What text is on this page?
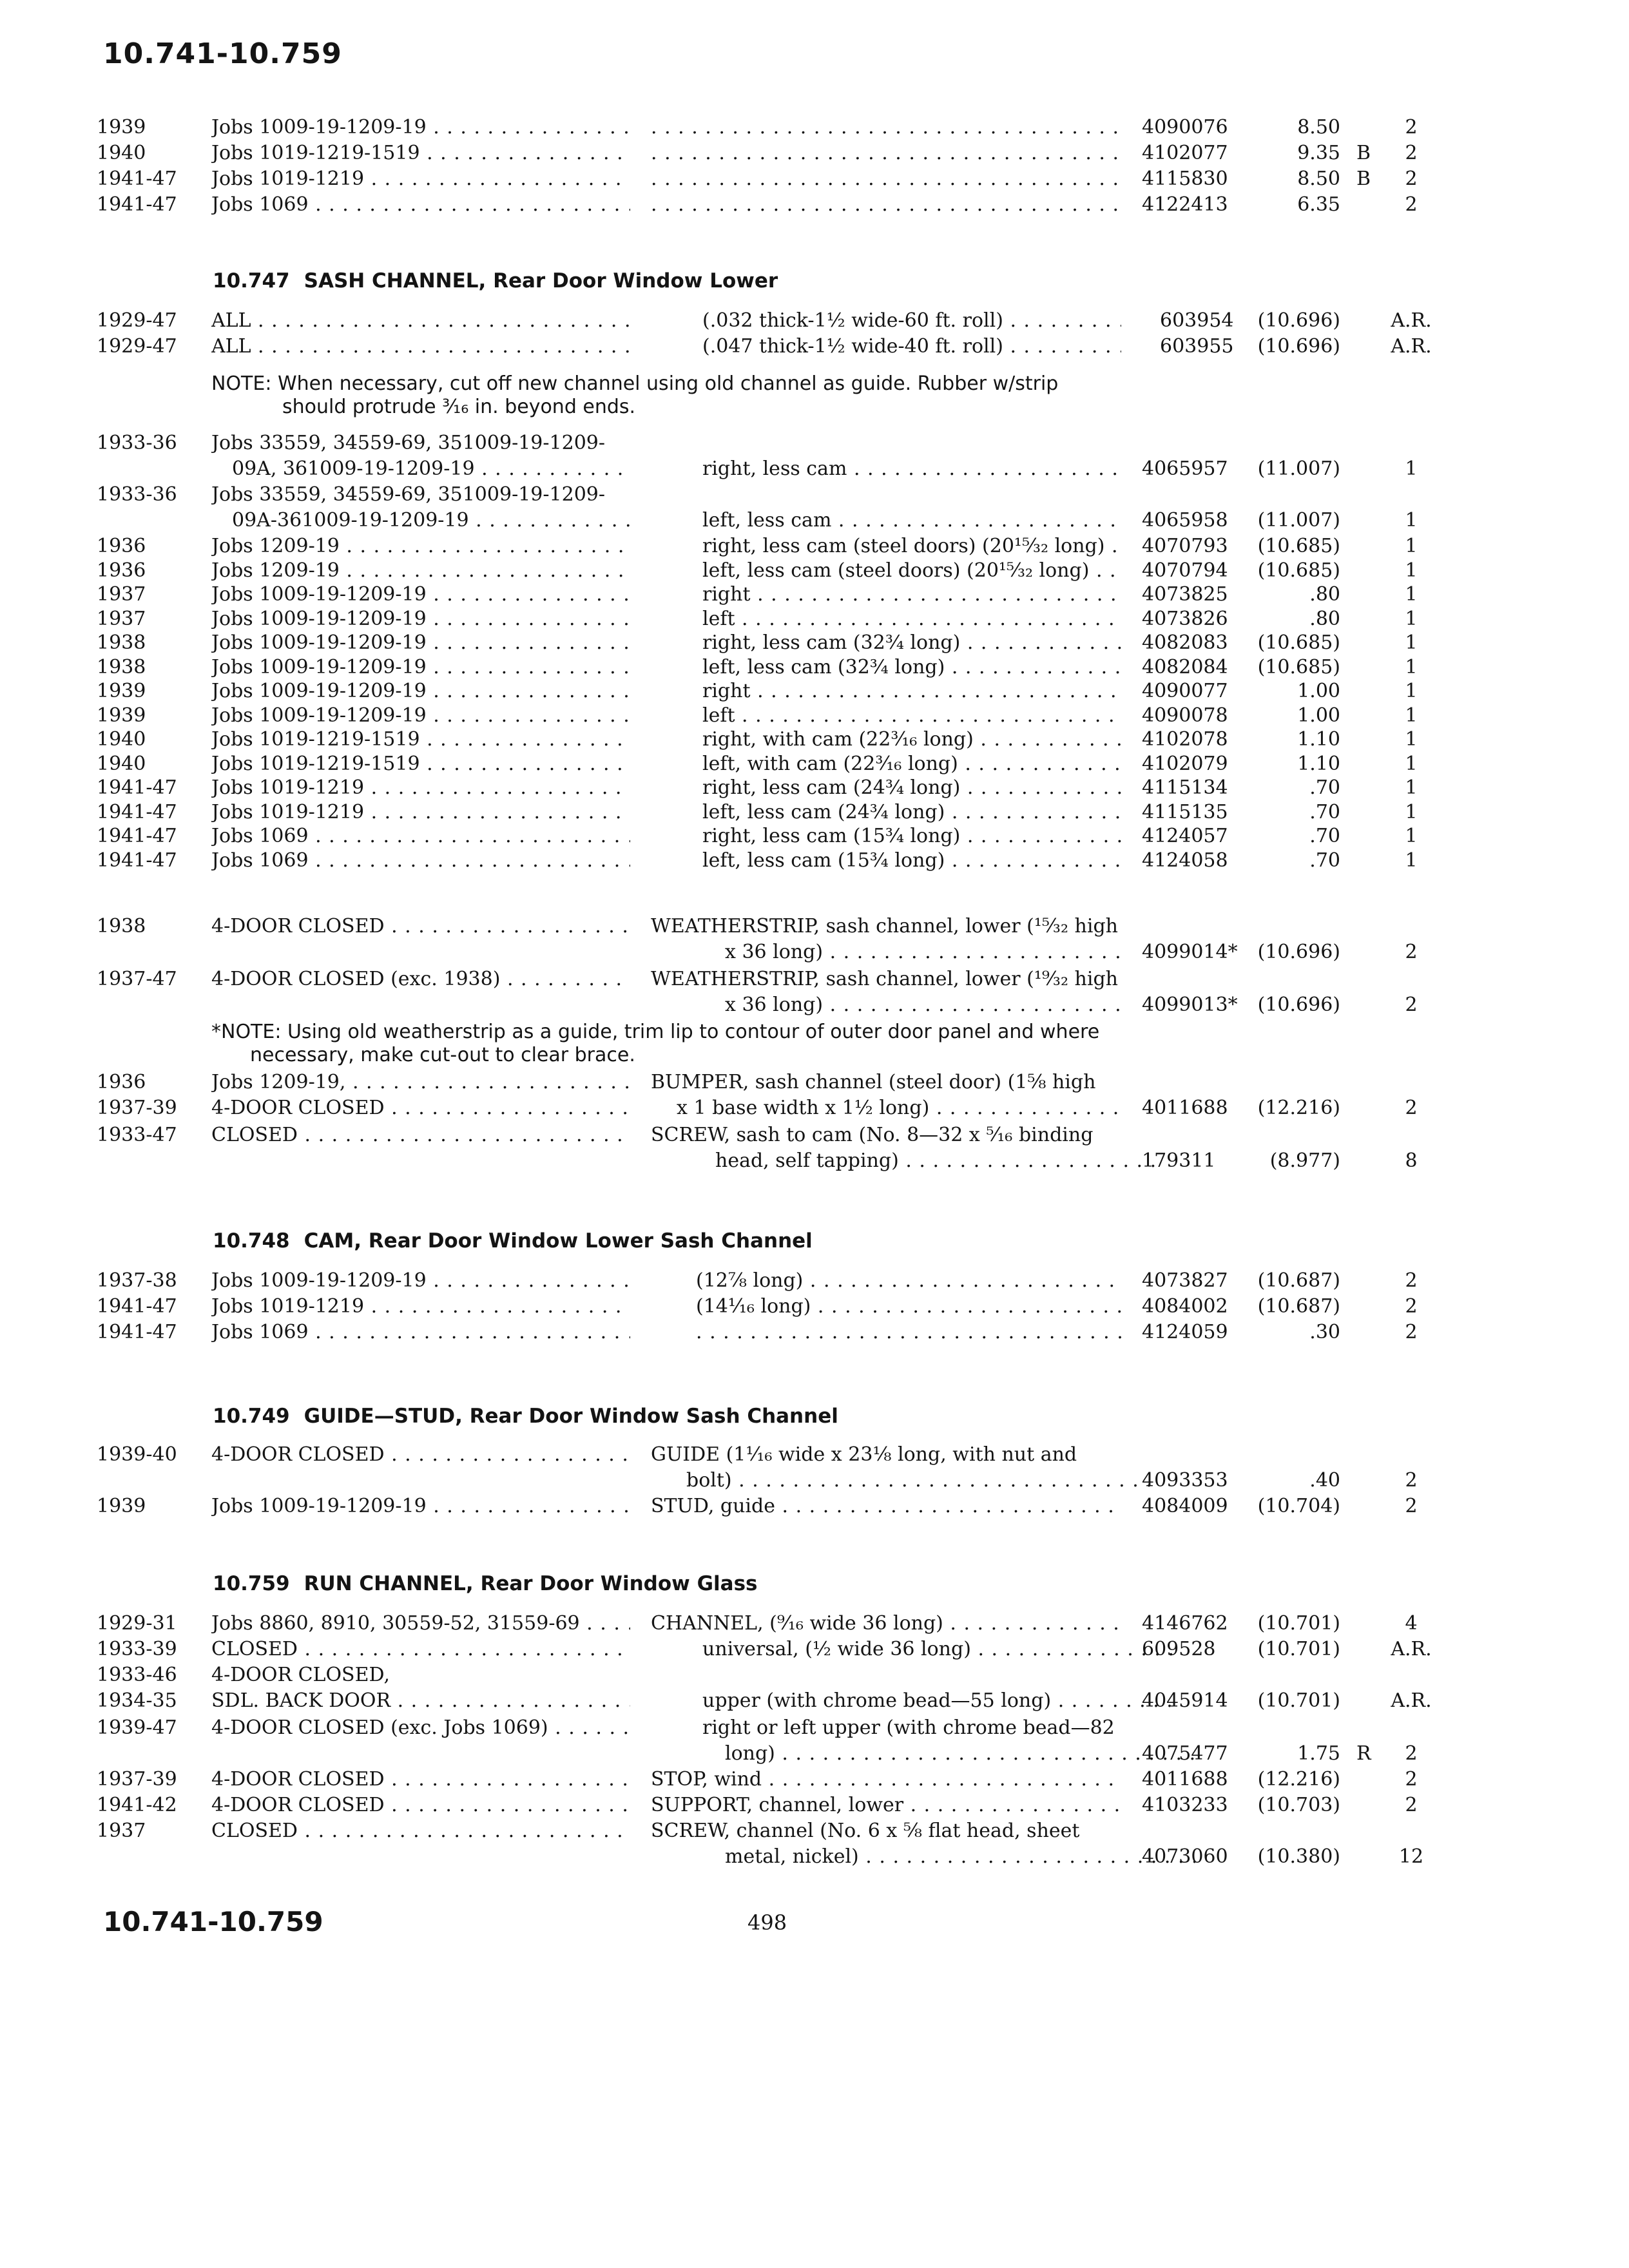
10.741-10.759
1939	Jobs 1009-19-1209-19 . . . . . .	4090076	8.50	2
1940	Jobs 1019-1219-1519 . . . . . .	4102077	9.35 B	2
1941-47 Jobs 1019-1219 . . . . . .	4115830	8.50 B	2
1941-47 Jobs 1069 . . . . . .	4122413	6.35	2
10.747 SASH CHANNEL, Rear Door Window Lower
1929-47 ALL . . .	(.032 thick-1½ wide-60 ft. roll) . . .	603954	(10.696)	A.R.
1929-47 ALL . . .	(.047 thick-1½ wide-40 ft. roll) . . .	603955	(10.696)	A.R.
NOTE: When necessary, cut off new channel using old channel as guide. Rubber w/strip
should protrude ³⁄₁₆ in. beyond ends.
1933-36 Jobs 33559, 34559-69, 351009-19-1209-
09A, 361009-19-1209-19 . . .	right, less cam . . .	4065957	(11.007)	1
1933-36 Jobs 33559, 34559-69, 351009-19-1209-
09A-361009-19-1209-19 . . .	left, less cam . . .	4065958	(11.007)	1
1936	Jobs 1209-19 . . .	right, less cam (steel doors) (20¹⁵⁄₃₂ long) . . .	4070793	(10.685)	1
1936	Jobs 1209-19 . . .	left, less cam (steel doors) (20¹⁵⁄₃₂ long) . . .	4070794	(10.685)	1
1937	Jobs 1009-19-1209-19 . . .	right . . .	4073825	.80	1
1937	Jobs 1009-19-1209-19 . . .	left . . .	4073826	.80	1
1938	Jobs 1009-19-1209-19 . . .	right, less cam (32¾ long) . . .	4082083	(10.685)	1
1938	Jobs 1009-19-1209-19 . . .	left, less cam (32¾ long) . . .	4082084	(10.685)	1
1939	Jobs 1009-19-1209-19 . . .	right . . .	4090077	1.00	1
1939	Jobs 1009-19-1209-19 . . .	left . . .	4090078	1.00	1
1940	Jobs 1019-1219-1519 . . .	right, with cam (22³⁄₁₆ long) . . .	4102078	1.10	1
1940	Jobs 1019-1219-1519 . . .	left, with cam (22³⁄₁₆ long) . . .	4102079	1.10	1
1941-47 Jobs 1019-1219 . . .	right, less cam (24¾ long) . . .	4115134	.70	1
1941-47 Jobs 1019-1219 . . .	left, less cam (24¾ long) . . .	4115135	.70	1
1941-47 Jobs 1069 . . .	right, less cam (15¾ long) . . .	4124057	.70	1
1941-47 Jobs 1069 . . .	left, less cam (15¾ long) . . .	4124058	.70	1
1938	4-DOOR CLOSED . . .	WEATHERSTRIP, sash channel, lower (¹⁵⁄₃₂ high
x 36 long) . . .	4099014*	(10.696)	2
1937-47 4-DOOR CLOSED (exc. 1938) . . .	WEATHERSTRIP, sash channel, lower (¹⁹⁄₃₂ high
x 36 long) . . .	4099013*	(10.696)	2
*NOTE: Using old weatherstrip as a guide, trim lip to contour of outer door panel and where
necessary, make cut-out to clear brace.
1936	Jobs 1209-19, . . .	BUMPER, sash channel (steel door) (1⅝ high
1937-39 4-DOOR CLOSED . . .	x 1 base width x 1½ long) . . .	4011688	(12.216)	2
1933-47 CLOSED . . .	SCREW, sash to cam (No. 8—32 x ⁵⁄₁₆ binding
head, self tapping) . . .	179311	(8.977)	8
10.748 CAM, Rear Door Window Lower Sash Channel
1937-38 Jobs 1009-19-1209-19 . . .	(12⅞ long) . . .	4073827	(10.687)	2
1941-47 Jobs 1019-1219 . . .	(14¹⁄₁₆ long) . . .	4084002	(10.687)	2
1941-47 Jobs 1069 . . . . . .	4124059	.30	2
10.749 GUIDE—STUD, Rear Door Window Sash Channel
1939-40 4-DOOR CLOSED . . .	GUIDE (1¹⁄₁₆ wide x 23⅛ long, with nut and
bolt) . . .	4093353	.40	2
1939	Jobs 1009-19-1209-19 . . .	STUD, guide . . .	4084009	(10.704)	2
10.759 RUN CHANNEL, Rear Door Window Glass
1929-31 Jobs 8860, 8910, 30559-52, 31559-69 . . .	CHANNEL, (⁹⁄₁₆ wide 36 long) . . .	4146762	(10.701)	4
1933-39 CLOSED . . .	universal, (½ wide 36 long) . . .	609528	(10.701)	A.R.
1933-46 4-DOOR CLOSED,
1934-35 SDL. BACK DOOR . . .	upper (with chrome bead—55 long) . . .	4045914	(10.701)	A.R.
1939-47 4-DOOR CLOSED (exc. Jobs 1069) . . .	right or left upper (with chrome bead—82
long) . . .	4075477	1.75 R	2
1937-39 4-DOOR CLOSED . . .	STOP, wind . . .	4011688	(12.216)	2
1941-42 4-DOOR CLOSED . . .	SUPPORT, channel, lower . . .	4103233	(10.703)	2
1937	CLOSED . . .	SCREW, channel (No. 6 x ⅝ flat head, sheet
metal, nickel) . . .	4073060	(10.380)	12
10.741-10.759	498
